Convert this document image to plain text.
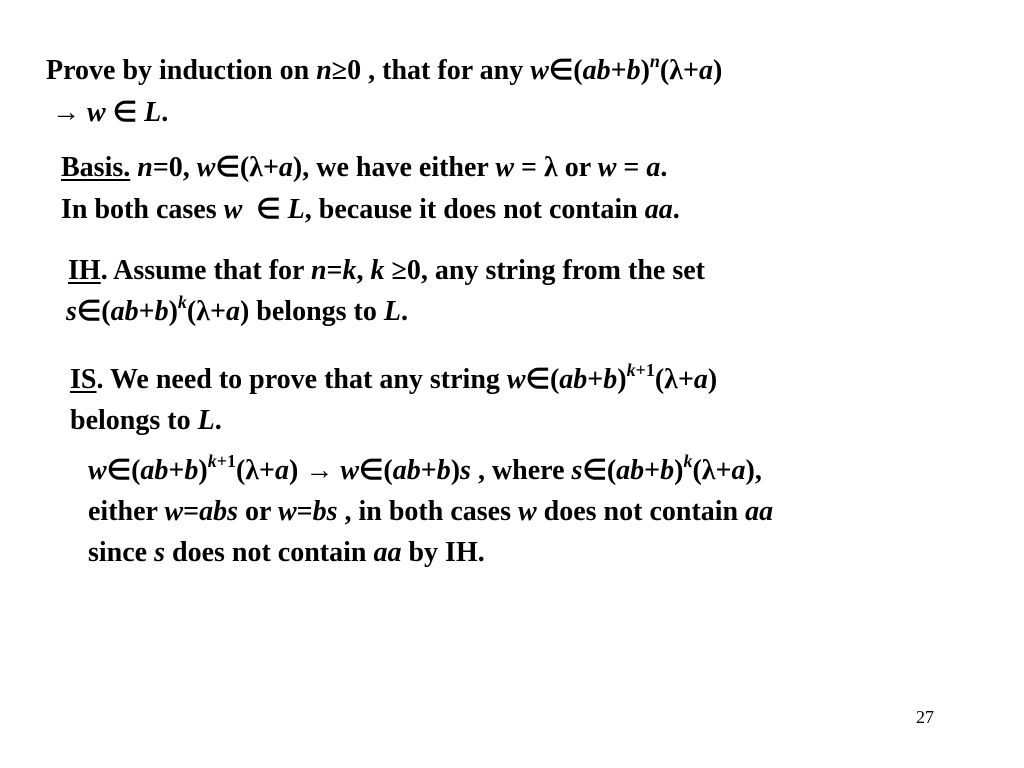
Prove by induction on n≥0 , that for any $w\in(ab+b)^n(\lambda+a)$
→ w ∈ L.
Basis. n=0, w∈(λ+a), we have either w = λ or w = a.
In both cases w  ∈ L, because it does not contain aa.
IH. Assume that for n=k, k ≥0, any string from the set
$s\in(ab+b)^k(\lambda+a)$ belongs to L.
IS. We need to prove that any string $w\in(ab+b)^{k+1}(\lambda+a)$
belongs to L.
$w\in(ab+b)^{k+1}(\lambda+a)$ → w∈(ab+b)s , where $s\in(ab+b)^k(\lambda+a)$,
either w=abs or w=bs , in both cases w does not contain aa
since s does not contain aa by IH.
27
